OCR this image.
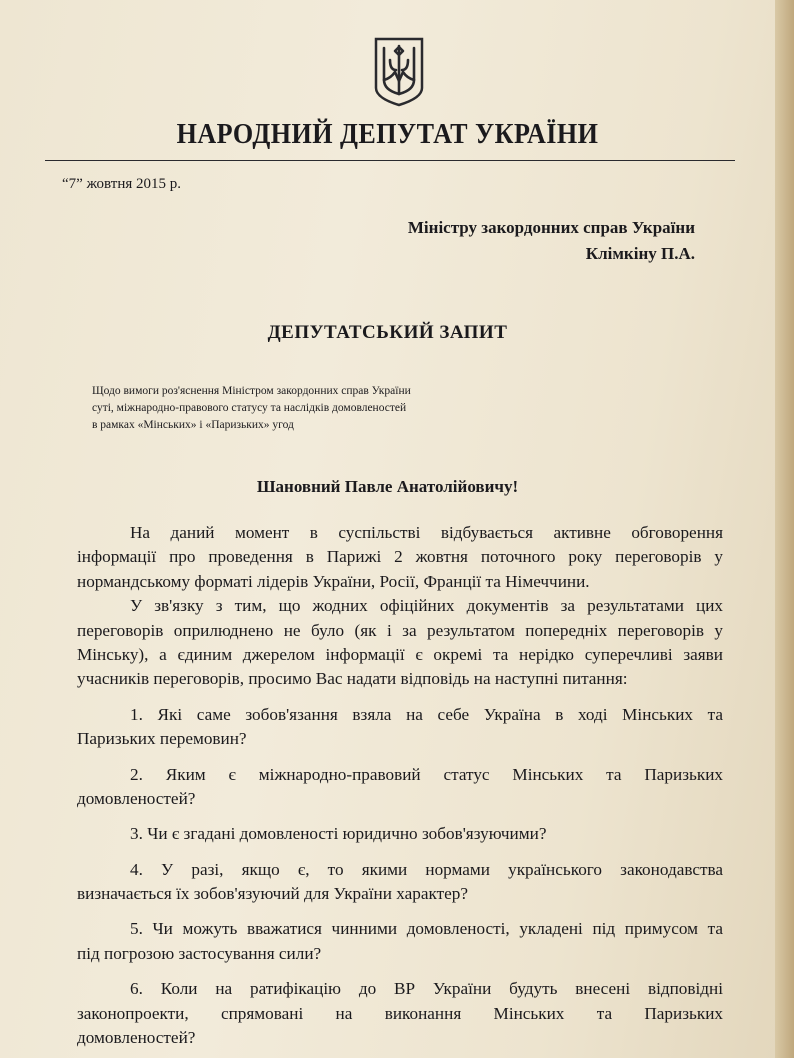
НАРОДНИЙ ДЕПУТАТ УКРАЇНИ
“7” жовтня 2015 р.
Міністру закордонних справ України
Клімкіну П.А.
ДЕПУТАТСЬКИЙ ЗАПИТ
Щодо вимоги роз'яснення Міністром закордонних справ України
суті, міжнародно-правового статусу та наслідків домовленостей
в рамках «Мінських» і «Паризьких» угод
Шановний Павле Анатолійовичу!
На даний момент в суспільстві відбувається активне обговорення
інформації про проведення в Парижі 2 жовтня поточного року переговорів у
нормандському форматі лідерів України, Росії, Франції та Німеччини.
У зв'язку з тим, що жодних офіційних документів за результатами цих
переговорів оприлюднено не було (як і за результатом попередніх переговорів у
Мінську), а єдиним джерелом інформації є окремі та нерідко суперечливі заяви
учасників переговорів, просимо Вас надати відповідь на наступні питання:
1. Які саме зобов'язання взяла на себе Україна в ході Мінських та
Паризьких перемовин?
2. Яким є міжнародно-правовий статус Мінських та Паризьких
домовленостей?
3. Чи є згадані домовленості юридично зобов'язуючими?
4. У разі, якщо є, то якими нормами українського законодавства
визначається їх зобов'язуючий для України характер?
5. Чи можуть вважатися чинними домовленості, укладені під примусом та
під погрозою застосування сили?
6. Коли на ратифікацію до ВР України будуть внесені відповідні
законопроекти, спрямовані на виконання Мінських та Паризьких
домовленостей?
